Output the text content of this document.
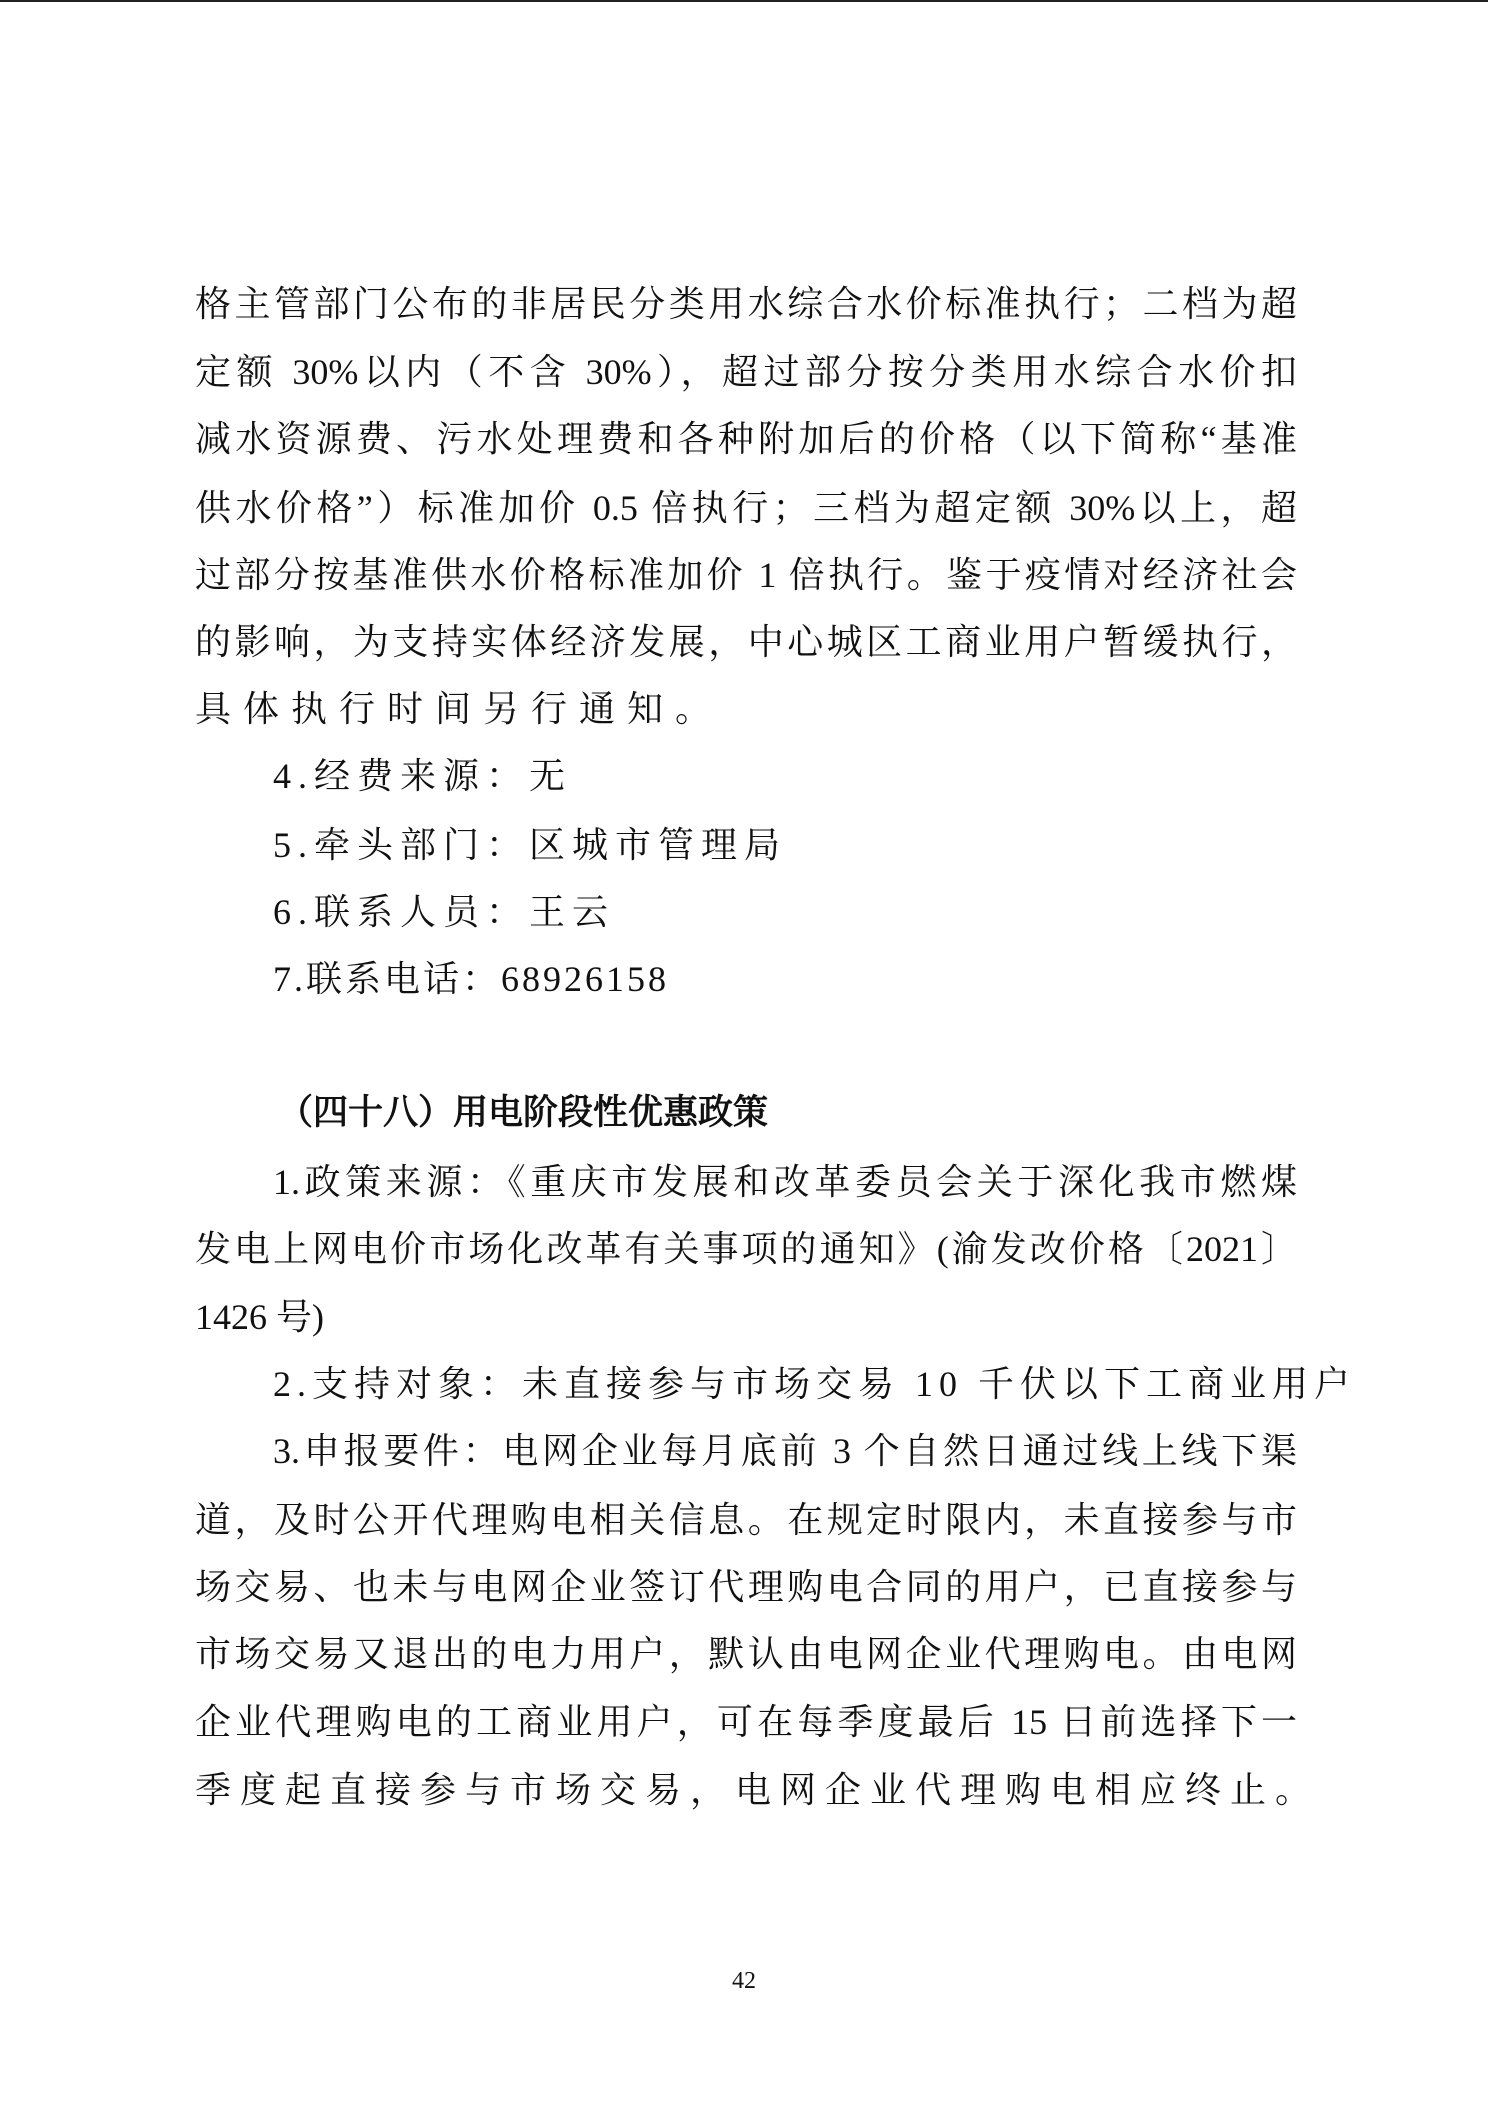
格主管部门公布的非居民分类用水综合水价标准执行；二档为超
定额 30%以内（不含 30%），超过部分按分类用水综合水价扣
减水资源费、污水处理费和各种附加后的价格（以下简称“基准
供水价格”）标准加价 0.5 倍执行；三档为超定额 30%以上，超
过部分按基准供水价格标准加价 1 倍执行。鉴于疫情对经济社会
的影响，为支持实体经济发展，中心城区工商业用户暂缓执行，
具体执行时间另行通知。
4.经费来源：无
5.牵头部门：区城市管理局
6.联系人员：王云
7.联系电话：68926158
（四十八）用电阶段性优惠政策
1.政策来源：《重庆市发展和改革委员会关于深化我市燃煤
发电上网电价市场化改革有关事项的通知》(渝发改价格〔2021〕
1426 号)
2.支持对象：未直接参与市场交易 10 千伏以下工商业用户
3.申报要件：电网企业每月底前 3 个自然日通过线上线下渠
道，及时公开代理购电相关信息。在规定时限内，未直接参与市
场交易、也未与电网企业签订代理购电合同的用户，已直接参与
市场交易又退出的电力用户，默认由电网企业代理购电。由电网
企业代理购电的工商业用户，可在每季度最后 15 日前选择下一
季度起直接参与市场交易，电网企业代理购电相应终止。
42
